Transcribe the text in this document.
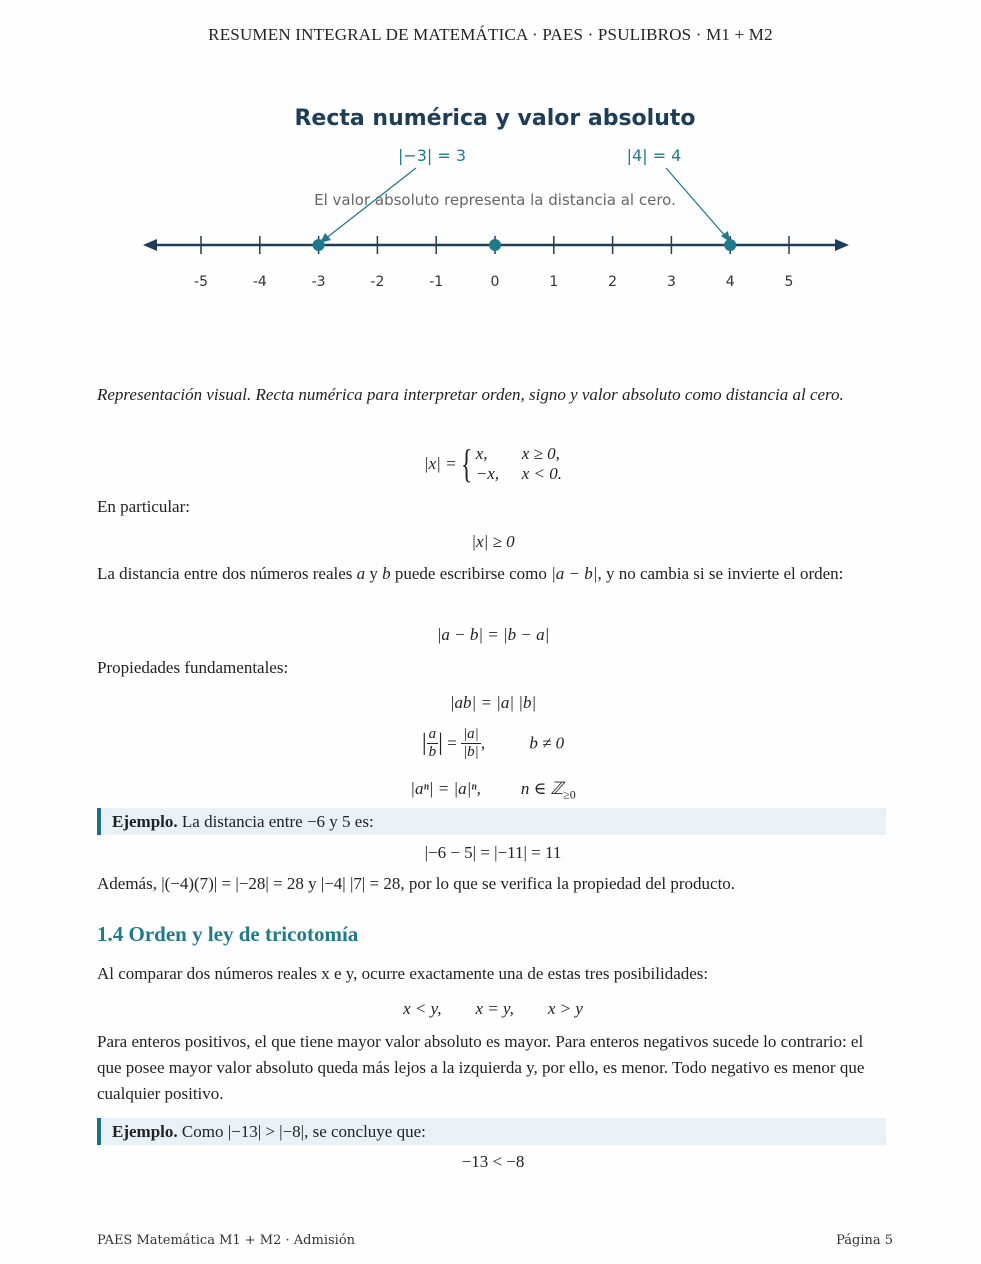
RESUMEN INTEGRAL DE MATEMÁTICA · PAES · PSULIBROS · M1 + M2
Recta numérica y valor absoluto
|−3| = 3	|4| = 4
El valor absoluto representa la distancia al cero.
-5	-4	-3	-2	-1	0	1	2	3	4	5
Representación visual. Recta numérica para interpretar orden, signo y valor absoluto como distancia al cero.
|x| ={ x, x ≥ 0,
−x, x < 0.
En particular:
|x| ≥ 0
La distancia entre dos números reales a y b puede escribirse como |a − b|, y no cambia si se invierte el orden:
|a − b| = |b − a|
Propiedades fundamentales:
|ab| = |a| |b|
| $\frac{a}{b}$ | = $\frac{|a|}{|b|}$ ,	b ≠ 0
|aⁿ| = |a|ⁿ, n ∈ ℤ$_{\ge 0}$
Ejemplo. La distancia entre −6 y 5 es:
|−6 − 5| = |−11| = 11
Además, |(−4)(7)| = |−28| = 28 y |−4| |7| = 28, por lo que se verifica la propiedad del producto.
1.4 Orden y ley de tricotomía
Al comparar dos números reales x e y, ocurre exactamente una de estas tres posibilidades:
x < y, x = y, x > y
Para enteros positivos, el que tiene mayor valor absoluto es mayor. Para enteros negativos sucede lo contrario: el que posee mayor valor absoluto queda más lejos a la izquierda y, por ello, es menor. Todo negativo es menor que cualquier positivo.
Ejemplo. Como |−13| > |−8|, se concluye que:
−13 < −8
PAES Matemática M1 + M2 · Admisión	Página 5
